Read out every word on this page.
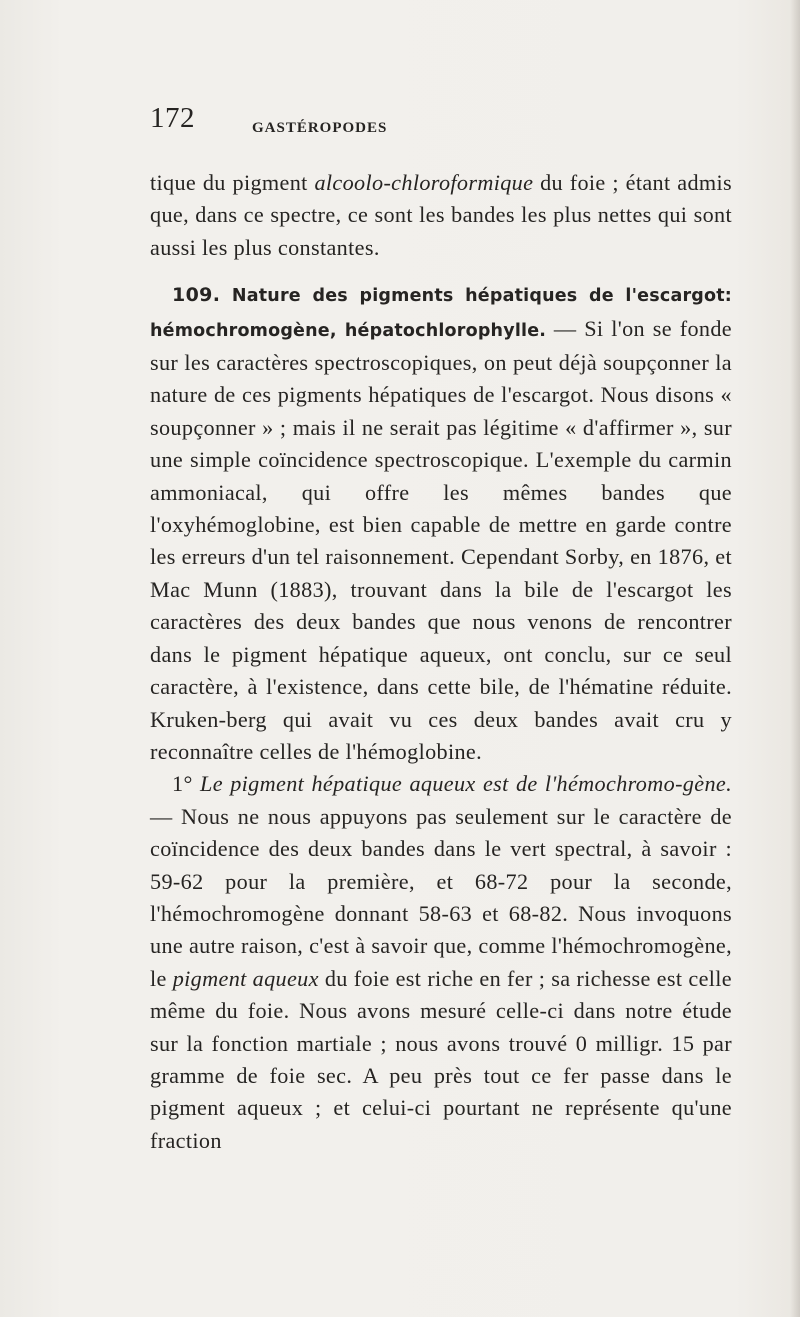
172	GASTÉROPODES

tique du pigment alcoolo-chloroformique du foie ; étant admis que, dans ce spectre, ce sont les bandes les plus nettes qui sont aussi les plus constantes.

109. Nature des pigments hépatiques de l'escargot: hémochromogène, hépatochlorophylle. — Si l'on se fonde sur les caractères spectroscopiques, on peut déjà soupçonner la nature de ces pigments hépatiques de l'escargot. Nous disons « soupçonner » ; mais il ne serait pas légitime « d'affirmer », sur une simple coïncidence spectroscopique. L'exemple du carmin ammoniacal, qui offre les mêmes bandes que l'oxyhémoglobine, est bien capable de mettre en garde contre les erreurs d'un tel raisonnement. Cependant Sorby, en 1876, et Mac Munn (1883), trouvant dans la bile de l'escargot les caractères des deux bandes que nous venons de rencontrer dans le pigment hépatique aqueux, ont conclu, sur ce seul caractère, à l'existence, dans cette bile, de l'hématine réduite. Kruken-berg qui avait vu ces deux bandes avait cru y reconnaître celles de l'hémoglobine.

1° Le pigment hépatique aqueux est de l'hémochromo-gène. — Nous ne nous appuyons pas seulement sur le caractère de coïncidence des deux bandes dans le vert spectral, à savoir : 59-62 pour la première, et 68-72 pour la seconde, l'hémochromogène donnant 58-63 et 68-82. Nous invoquons une autre raison, c'est à savoir que, comme l'hémochromogène, le pigment aqueux du foie est riche en fer ; sa richesse est celle même du foie. Nous avons mesuré celle-ci dans notre étude sur la fonction martiale ; nous avons trouvé 0 milligr. 15 par gramme de foie sec. A peu près tout ce fer passe dans le pigment aqueux ; et celui-ci pourtant ne représente qu'une fraction
